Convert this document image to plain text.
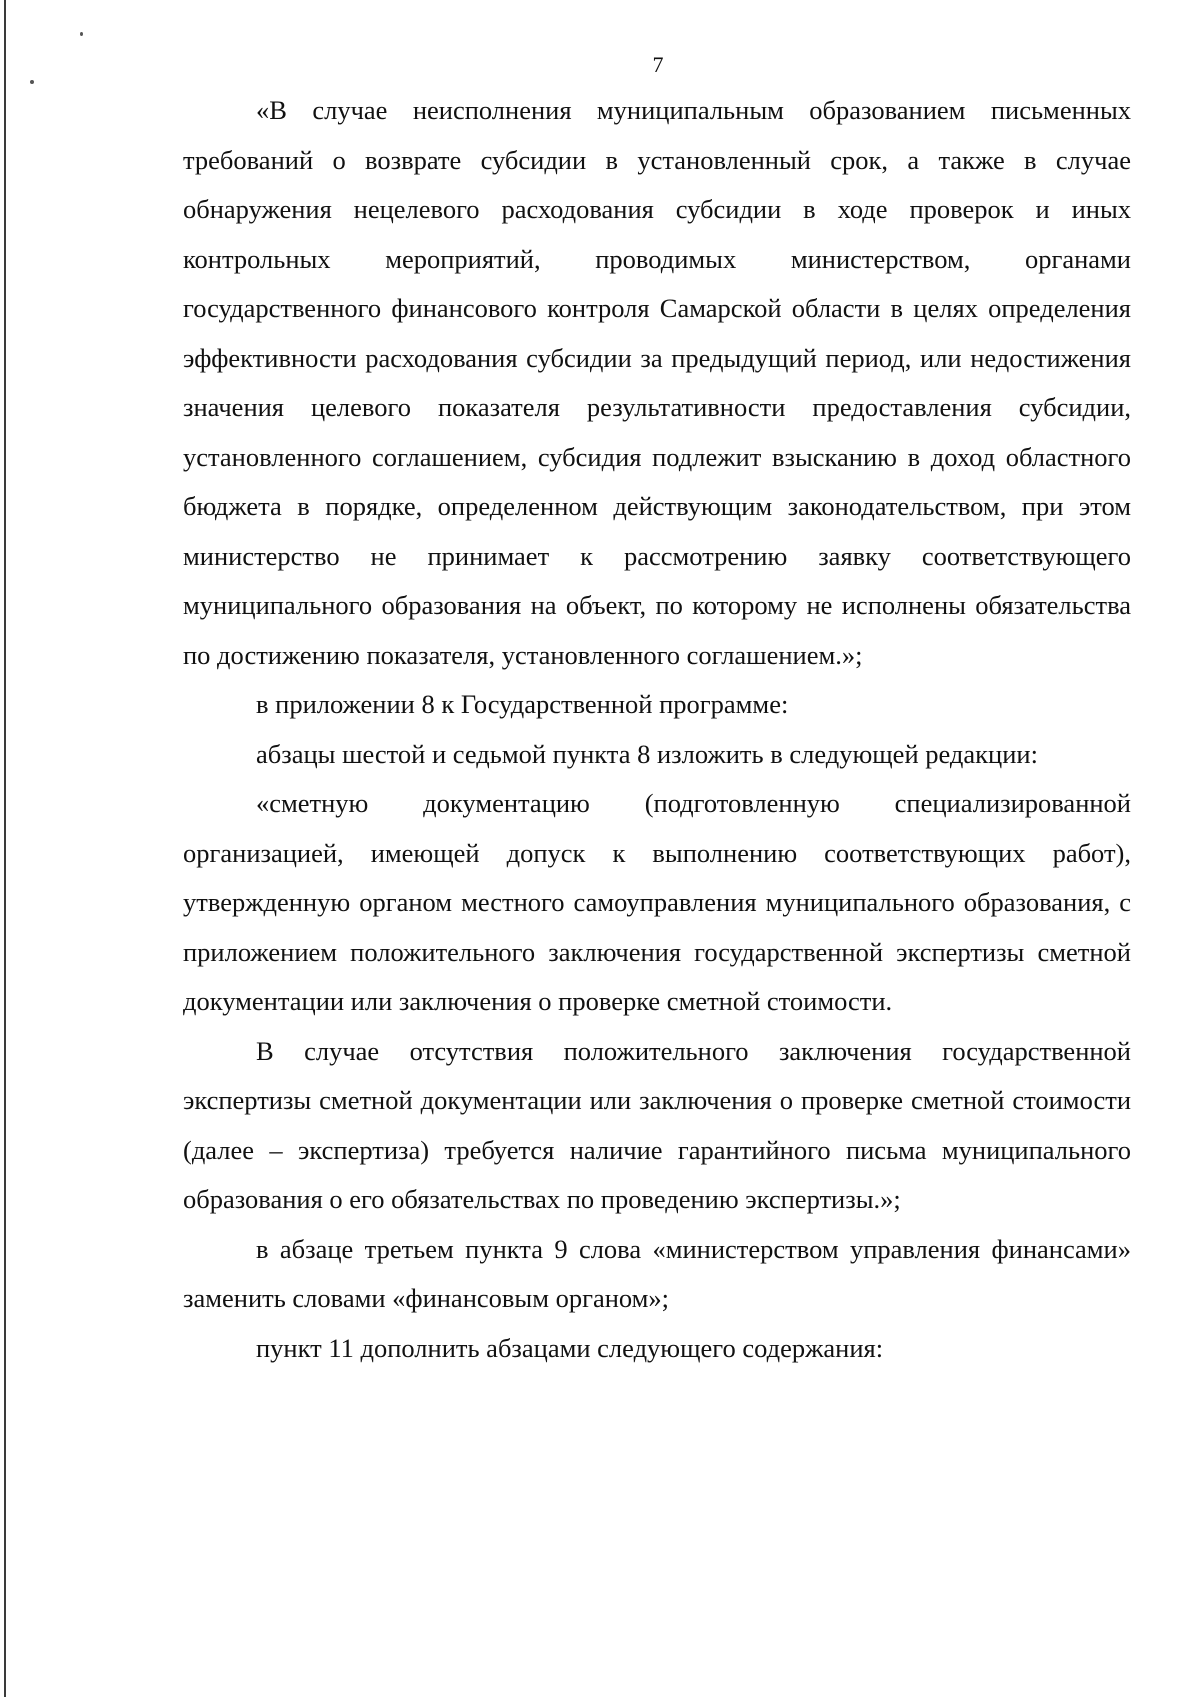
7

«В случае неисполнения муниципальным образованием письменных требований о возврате субсидии в установленный срок, а также в случае обнаружения нецелевого расходования субсидии в ходе проверок и иных контрольных мероприятий, проводимых министерством, органами государственного финансового контроля Самарской области в целях определения эффективности расходования субсидии за предыдущий период, или недостижения значения целевого показателя результативности предоставления субсидии, установленного соглашением, субсидия подлежит взысканию в доход областного бюджета в порядке, определенном действующим законодательством, при этом министерство не принимает к рассмотрению заявку соответствующего муниципального образования на объект, по которому не исполнены обязательства по достижению показателя, установленного соглашением.»;

в приложении 8 к Государственной программе:

абзацы шестой и седьмой пункта 8 изложить в следующей редакции:

«сметную документацию (подготовленную специализированной организацией, имеющей допуск к выполнению соответствующих работ), утвержденную органом местного самоуправления муниципального образования, с приложением положительного заключения государственной экспертизы сметной документации или заключения о проверке сметной стоимости.

В случае отсутствия положительного заключения государственной экспертизы сметной документации или заключения о проверке сметной стоимости (далее – экспертиза) требуется наличие гарантийного письма муниципального образования о его обязательствах по проведению экспертизы.»;

в абзаце третьем пункта 9 слова «министерством управления финансами» заменить словами «финансовым органом»;

пункт 11 дополнить абзацами следующего содержания:
